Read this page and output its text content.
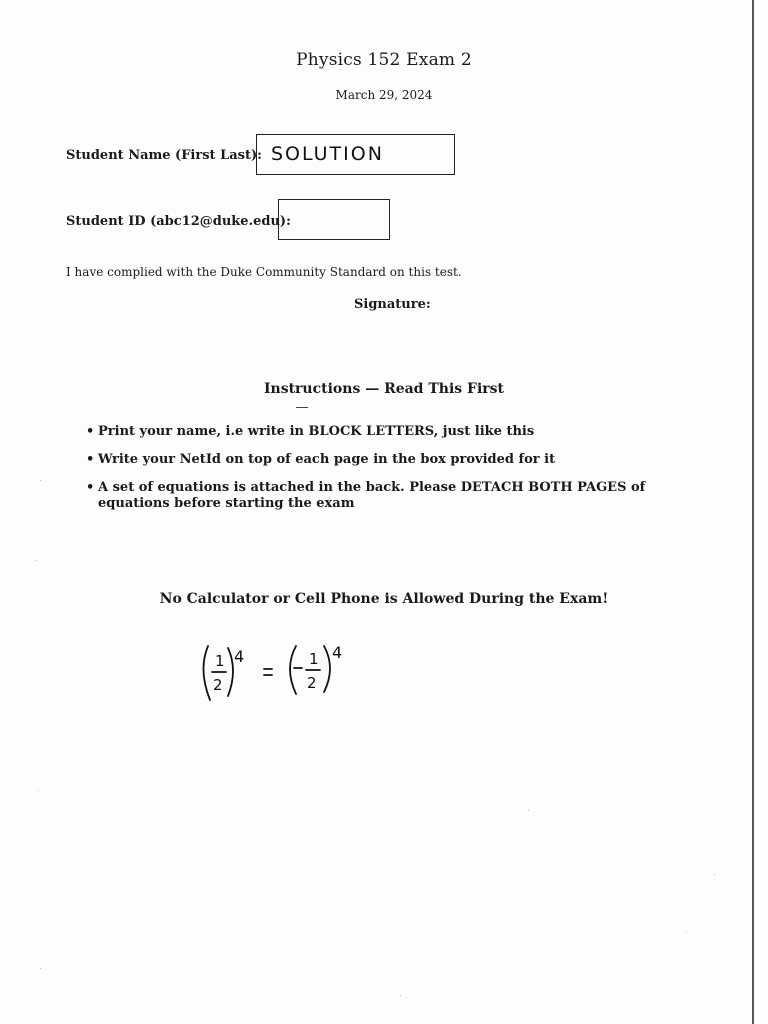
Physics 152 Exam 2
March 29, 2024
Student Name (First Last): SOLUTION
Student ID (abc12@duke.edu):
I have complied with the Duke Community Standard on this test.
Signature:
Instructions — Read This First
• Print your name, i.e write in BLOCK LETTERS, just like this
• Write your NetId on top of each page in the box provided for it
• A set of equations is attached in the back. Please DETACH BOTH PAGES of equations before starting the exam
No Calculator or Cell Phone is Allowed During the Exam!
1
2
4	1
2
4
